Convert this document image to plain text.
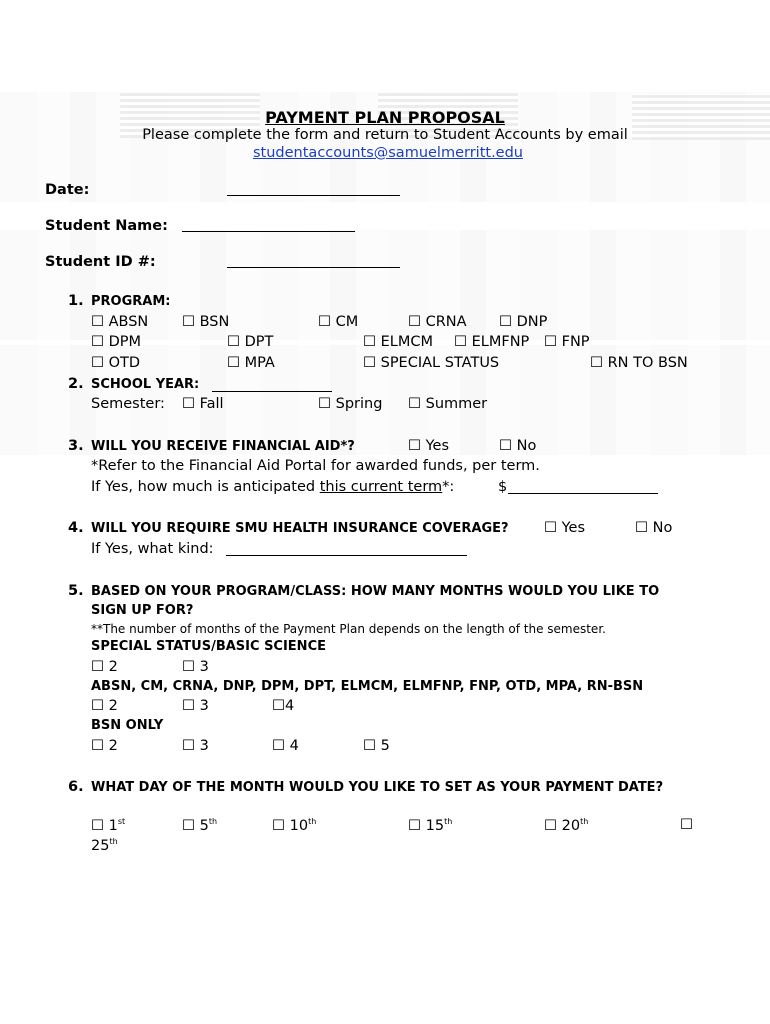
PAYMENT PLAN PROPOSAL
Please complete the form and return to Student Accounts by email
studentaccounts@samuelmerritt.edu
Date:
Student Name:
Student ID #:
1. PROGRAM:
☐ ABSN ☐ BSN	☐ CM	☐ CRNA ☐ DNP
☐ DPM	☐ DPT	☐ ELMCM ☐ ELMFNP ☐ FNP
☐ OTD	☐ MPA	☐ SPECIAL STATUS	☐ RN TO BSN
2. SCHOOL YEAR:
Semester: ☐ Fall	☐ Spring ☐ Summer
3. WILL YOU RECEIVE FINANCIAL AID*?	☐ Yes	☐ No
*Refer to the Financial Aid Portal for awarded funds, per term.
If Yes, how much is anticipated this current term*:	$
4. WILL YOU REQUIRE SMU HEALTH INSURANCE COVERAGE? ☐ Yes	☐ No
If Yes, what kind:
5. BASED ON YOUR PROGRAM/CLASS: HOW MANY MONTHS WOULD YOU LIKE TO
SIGN UP FOR?
**The number of months of the Payment Plan depends on the length of the semester.
SPECIAL STATUS/BASIC SCIENCE
☐ 2	☐ 3
ABSN, CM, CRNA, DNP, DPM, DPT, ELMCM, ELMFNP, FNP, OTD, MPA, RN-BSN
☐ 2	☐ 3	☐4
BSN ONLY
☐ 2	☐ 3	☐ 4	☐ 5
6. WHAT DAY OF THE MONTH WOULD YOU LIKE TO SET AS YOUR PAYMENT DATE?
☐ 1st	☐ 5th	☐ 10th	☐ 15th	☐ 20th	☐
25th
